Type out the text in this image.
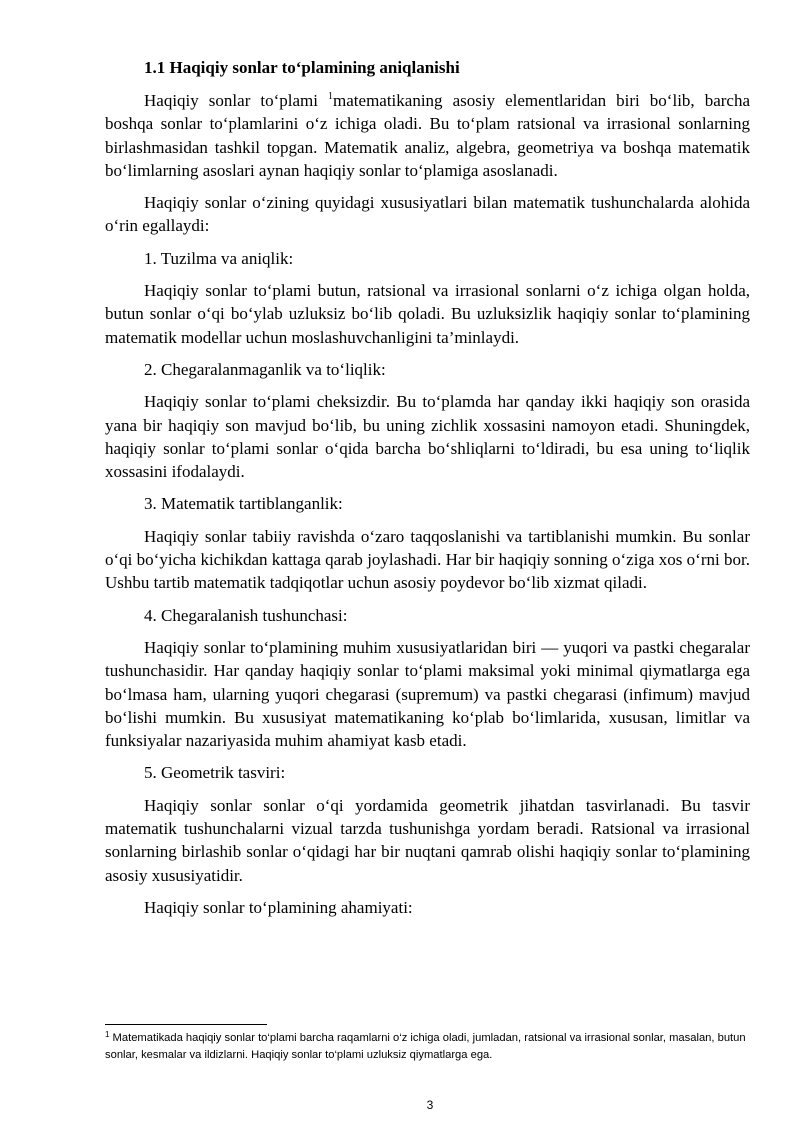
1.1 Haqiqiy sonlar to‘plamining aniqlanishi

Haqiqiy sonlar to‘plami $^1$matematikaning asosiy elementlaridan biri bo‘lib, barcha boshqa sonlar to‘plamlarini o‘z ichiga oladi. Bu to‘plam ratsional va irrasional sonlarning birlashmasidan tashkil topgan. Matematik analiz, algebra, geometriya va boshqa matematik bo‘limlarning asoslari aynan haqiqiy sonlar to‘plamiga asoslanadi.

Haqiqiy sonlar o‘zining quyidagi xususiyatlari bilan matematik tushunchalarda alohida o‘rin egallaydi:

1. Tuzilma va aniqlik:

Haqiqiy sonlar to‘plami butun, ratsional va irrasional sonlarni o‘z ichiga olgan holda, butun sonlar o‘qi bo‘ylab uzluksiz bo‘lib qoladi. Bu uzluksizlik haqiqiy sonlar to‘plamining matematik modellar uchun moslashuvchanligini ta’minlaydi.

2. Chegaralanmaganlik va to‘liqlik:

Haqiqiy sonlar to‘plami cheksizdir. Bu to‘plamda har qanday ikki haqiqiy son orasida yana bir haqiqiy son mavjud bo‘lib, bu uning zichlik xossasini namoyon etadi. Shuningdek, haqiqiy sonlar to‘plami sonlar o‘qida barcha bo‘shliqlarni to‘ldiradi, bu esa uning to‘liqlik xossasini ifodalaydi.

3. Matematik tartiblanganlik:

Haqiqiy sonlar tabiiy ravishda o‘zaro taqqoslanishi va tartiblanishi mumkin. Bu sonlar o‘qi bo‘yicha kichikdan kattaga qarab joylashadi. Har bir haqiqiy sonning o‘ziga xos o‘rni bor. Ushbu tartib matematik tadqiqotlar uchun asosiy poydevor bo‘lib xizmat qiladi.

4. Chegaralanish tushunchasi:

Haqiqiy sonlar to‘plamining muhim xususiyatlaridan biri — yuqori va pastki chegaralar tushunchasidir. Har qanday haqiqiy sonlar to‘plami maksimal yoki minimal qiymatlarga ega bo‘lmasa ham, ularning yuqori chegarasi (supremum) va pastki chegarasi (infimum) mavjud bo‘lishi mumkin. Bu xususiyat matematikaning ko‘plab bo‘limlarida, xususan, limitlar va funksiyalar nazariyasida muhim ahamiyat kasb etadi.

5. Geometrik tasviri:

Haqiqiy sonlar sonlar o‘qi yordamida geometrik jihatdan tasvirlanadi. Bu tasvir matematik tushunchalarni vizual tarzda tushunishga yordam beradi. Ratsional va irrasional sonlarning birlashib sonlar o‘qidagi har bir nuqtani qamrab olishi haqiqiy sonlar to‘plamining asosiy xususiyatidir.

Haqiqiy sonlar to‘plamining ahamiyati:

$^1$ Matematikada haqiqiy sonlar to‘plami barcha raqamlarni o‘z ichiga oladi, jumladan, ratsional va irrasional sonlar, masalan, butun sonlar, kesmalar va ildizlarni. Haqiqiy sonlar to‘plami uzluksiz qiymatlarga ega.
3
